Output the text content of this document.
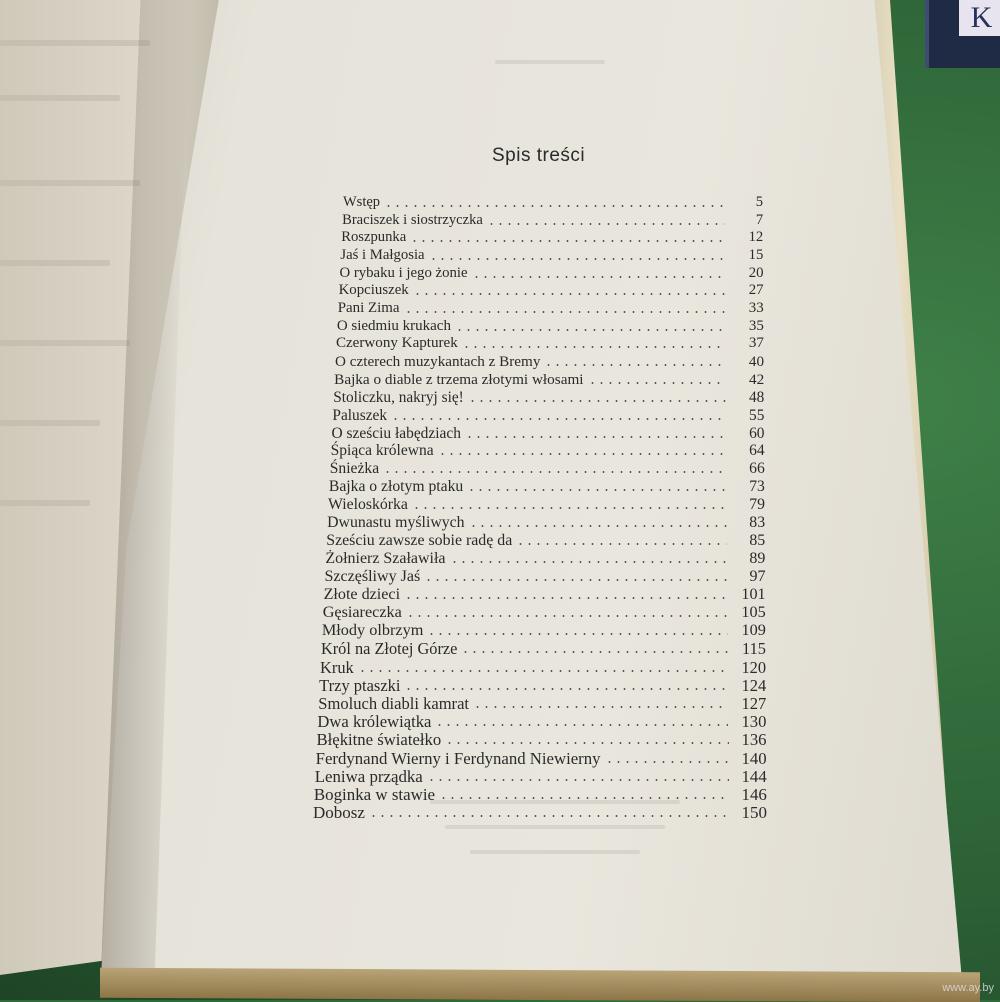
K
Spis treści
Wstęp	5
Braciszek i siostrzyczka	7
Roszpunka	12
Jaś i Małgosia	15
O rybaku i jego żonie	20
Kopciuszek	27
Pani Zima	33
O siedmiu krukach	35
Czerwony Kapturek	37
O czterech muzykantach z Bremy	40
Bajka o diable z trzema złotymi włosami	42
Stoliczku, nakryj się!	48
Paluszek	55
O sześciu łabędziach	60
Śpiąca królewna	64
Śnieżka	66
Bajka o złotym ptaku	73
Wieloskórka	79
Dwunastu myśliwych	83
Sześciu zawsze sobie radę da	85
Żołnierz Szaławiła	89
Szczęśliwy Jaś	97
Złote dzieci	101
Gęsiareczka	105
Młody olbrzym	109
Król na Złotej Górze	115
Kruk	120
Trzy ptaszki	124
Smoluch diabli kamrat	127
Dwa królewiątka	130
Błękitne światełko	136
Ferdynand Wierny i Ferdynand Niewierny	140
Leniwa prządka	144
Boginka w stawie	146
Dobosz	150
www.ay.by
